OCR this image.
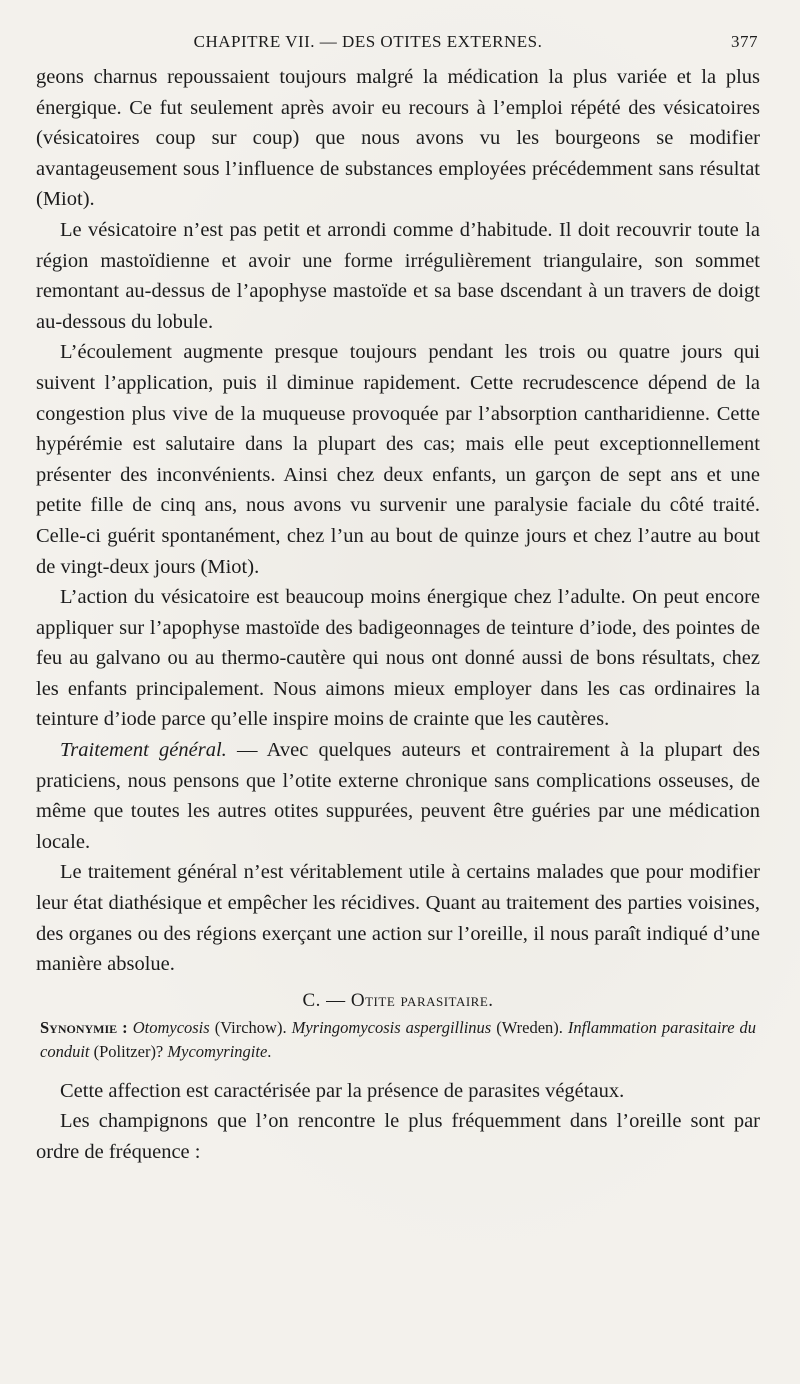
CHAPITRE VII. — DES OTITES EXTERNES.	377

geons charnus repoussaient toujours malgré la médication la plus variée et la plus énergique. Ce fut seulement après avoir eu recours à l’emploi répété des vésicatoires (vésicatoires coup sur coup) que nous avons vu les bourgeons se modifier avantageusement sous l’influence de substances employées précédemment sans résultat (Miot).

Le vésicatoire n’est pas petit et arrondi comme d’habitude. Il doit recouvrir toute la région mastoïdienne et avoir une forme irrégulièrement triangulaire, son sommet remontant au-dessus de l’apophyse mastoïde et sa base dscendant à un travers de doigt au-dessous du lobule.

L’écoulement augmente presque toujours pendant les trois ou quatre jours qui suivent l’application, puis il diminue rapidement. Cette recrudescence dépend de la congestion plus vive de la muqueuse provoquée par l’absorption cantharidienne. Cette hypérémie est salutaire dans la plupart des cas; mais elle peut exceptionnellement présenter des inconvénients. Ainsi chez deux enfants, un garçon de sept ans et une petite fille de cinq ans, nous avons vu survenir une paralysie faciale du côté traité. Celle-ci guérit spontanément, chez l’un au bout de quinze jours et chez l’autre au bout de vingt-deux jours (Miot).

L’action du vésicatoire est beaucoup moins énergique chez l’adulte. On peut encore appliquer sur l’apophyse mastoïde des badigeonnages de teinture d’iode, des pointes de feu au galvano ou au thermo-cautère qui nous ont donné aussi de bons résultats, chez les enfants principalement. Nous aimons mieux employer dans les cas ordinaires la teinture d’iode parce qu’elle inspire moins de crainte que les cautères.

Traitement général. — Avec quelques auteurs et contrairement à la plupart des praticiens, nous pensons que l’otite externe chronique sans complications osseuses, de même que toutes les autres otites suppurées, peuvent être guéries par une médication locale.

Le traitement général n’est véritablement utile à certains malades que pour modifier leur état diathésique et empêcher les récidives. Quant au traitement des parties voisines, des organes ou des régions exerçant une action sur l’oreille, il nous paraît indiqué d’une manière absolue.

C. — Otite parasitaire.
Synonymie : Otomycosis (Virchow). Myringomycosis aspergillinus (Wreden). Inflammation parasitaire du conduit (Politzer)? Mycomyringite.

Cette affection est caractérisée par la présence de parasites végétaux.

Les champignons que l’on rencontre le plus fréquemment dans l’oreille sont par ordre de fréquence :
